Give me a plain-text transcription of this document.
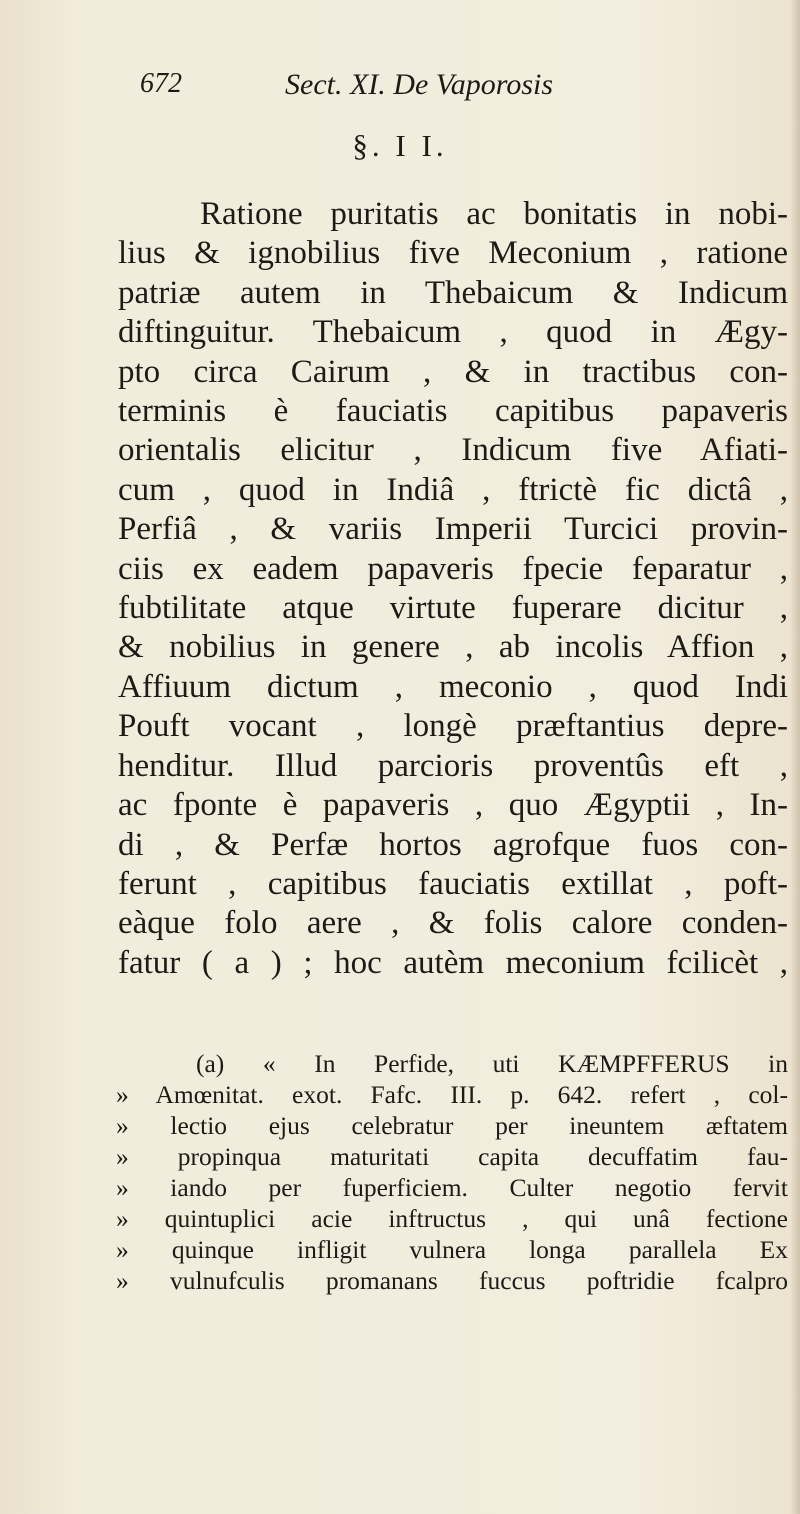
672	Sect. XI. De Vaporosis
§. I I.
Ratione puritatis ac bonitatis in nobi-
lius & ignobilius five Meconium , ratione
patriæ autem in Thebaicum & Indicum
diftinguitur. Thebaicum , quod in Ægy-
pto circa Cairum , & in tractibus con-
terminis è fauciatis capitibus papaveris
orientalis elicitur , Indicum five Afiati-
cum , quod in Indiâ , ftrictè fic dictâ ,
Perfiâ , & variis Imperii Turcici provin-
ciis ex eadem papaveris fpecie feparatur ,
fubtilitate atque virtute fuperare dicitur ,
& nobilius in genere , ab incolis Affion ,
Affiuum dictum , meconio , quod Indi
Pouft vocant , longè præftantius depre-
henditur. Illud parcioris proventûs eft ,
ac fponte è papaveris , quo Ægyptii , In-
di , & Perfæ hortos agrofque fuos con-
ferunt , capitibus fauciatis extillat , poft-
eàque folo aere , & folis calore conden-
fatur ( a ) ; hoc autèm meconium fcilicèt ,
(a) « In Perfide, uti KÆMPFFERUS in
» Amœnitat. exot. Fafc. III. p. 642. refert , col-
» lectio ejus celebratur per ineuntem æftatem
» propinqua maturitati capita decuffatim fau-
» iando per fuperficiem. Culter negotio fervit
» quintuplici acie inftructus , qui unâ fectione
» quinque infligit vulnera longa parallela Ex
» vulnufculis promanans fuccus poftridie fcalpro
